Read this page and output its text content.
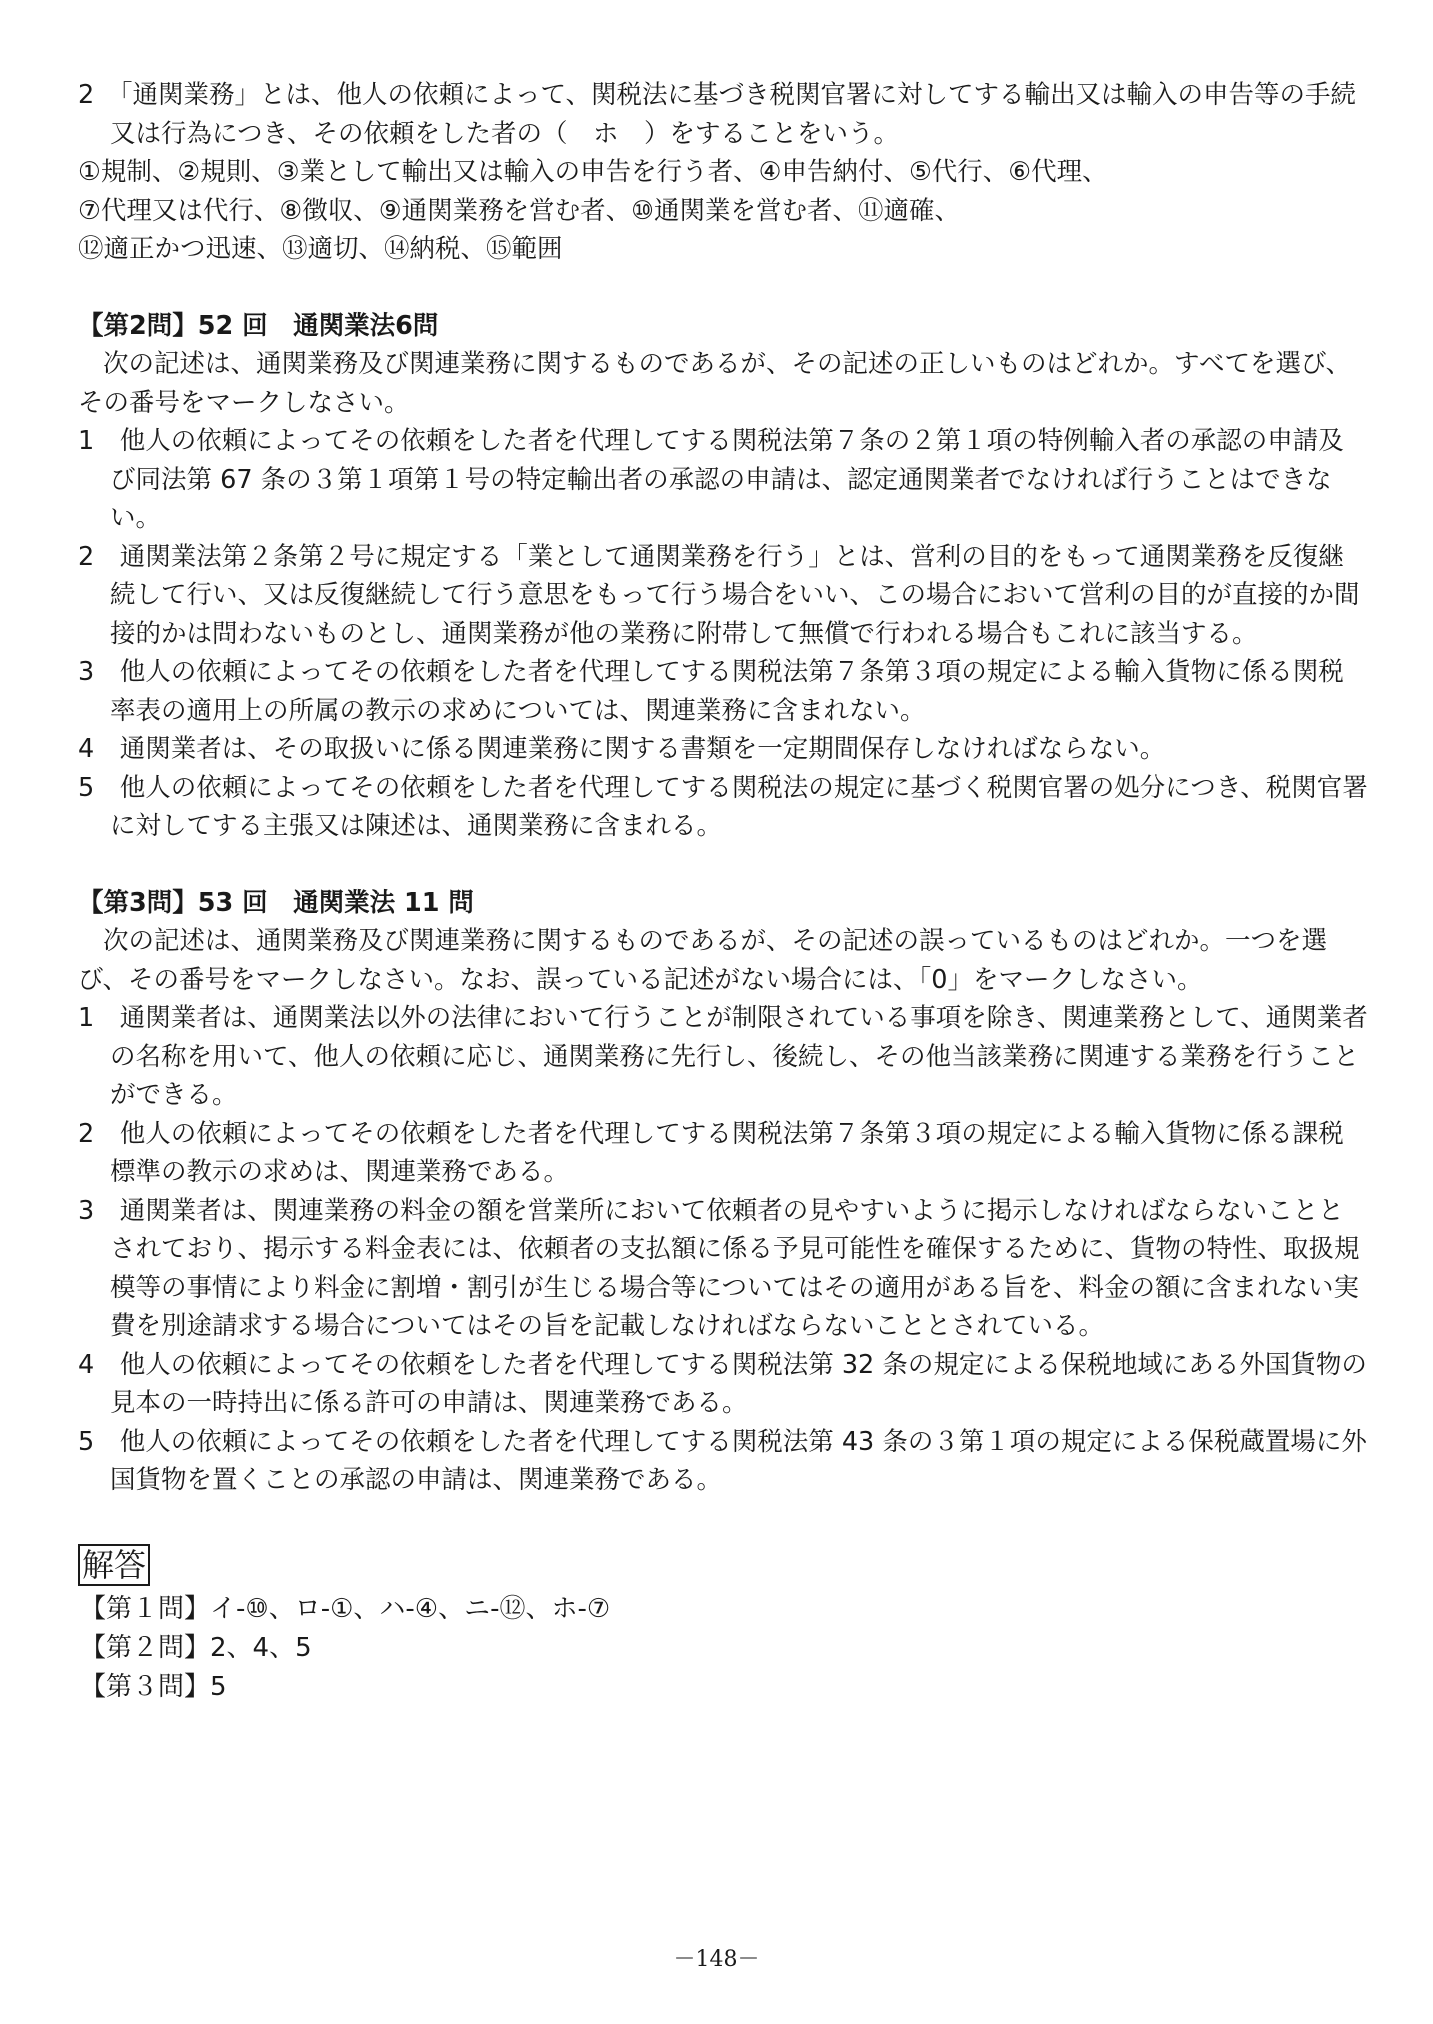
2　「通関業務」とは、他人の依頼によって、関税法に基づき税関官署に対してする輸出又は輸入の申告等の手続又は行為につき、その依頼をした者の（　ホ　）をすることをいう。
①規制、②規則、③業として輸出又は輸入の申告を行う者、④申告納付、⑤代行、⑥代理、
⑦代理又は代行、⑧徴収、⑨通関業務を営む者、⑩通関業を営む者、⑪適確、
⑫適正かつ迅速、⑬適切、⑭納税、⑮範囲
【第2問】52 回　通関業法6問
次の記述は、通関業務及び関連業務に関するものであるが、その記述の正しいものはどれか。すべてを選び、その番号をマークしなさい。
1　他人の依頼によってその依頼をした者を代理してする関税法第７条の２第１項の特例輸入者の承認の申請及び同法第 67 条の３第１項第１号の特定輸出者の承認の申請は、認定通関業者でなければ行うことはできない。
2　通関業法第２条第２号に規定する「業として通関業務を行う」とは、営利の目的をもって通関業務を反復継続して行い、又は反復継続して行う意思をもって行う場合をいい、この場合において営利の目的が直接的か間接的かは問わないものとし、通関業務が他の業務に附帯して無償で行われる場合もこれに該当する。
3　他人の依頼によってその依頼をした者を代理してする関税法第７条第３項の規定による輸入貨物に係る関税率表の適用上の所属の教示の求めについては、関連業務に含まれない。
4　通関業者は、その取扱いに係る関連業務に関する書類を一定期間保存しなければならない。
5　他人の依頼によってその依頼をした者を代理してする関税法の規定に基づく税関官署の処分につき、税関官署に対してする主張又は陳述は、通関業務に含まれる。
【第3問】53 回　通関業法 11 問
次の記述は、通関業務及び関連業務に関するものであるが、その記述の誤っているものはどれか。一つを選び、その番号をマークしなさい。なお、誤っている記述がない場合には、「0」をマークしなさい。
1　通関業者は、通関業法以外の法律において行うことが制限されている事項を除き、関連業務として、通関業者の名称を用いて、他人の依頼に応じ、通関業務に先行し、後続し、その他当該業務に関連する業務を行うことができる。
2　他人の依頼によってその依頼をした者を代理してする関税法第７条第３項の規定による輸入貨物に係る課税標準の教示の求めは、関連業務である。
3　通関業者は、関連業務の料金の額を営業所において依頼者の見やすいように掲示しなければならないこととされており、掲示する料金表には、依頼者の支払額に係る予見可能性を確保するために、貨物の特性、取扱規模等の事情により料金に割増・割引が生じる場合等についてはその適用がある旨を、料金の額に含まれない実費を別途請求する場合についてはその旨を記載しなければならないこととされている。
4　他人の依頼によってその依頼をした者を代理してする関税法第 32 条の規定による保税地域にある外国貨物の見本の一時持出に係る許可の申請は、関連業務である。
5　他人の依頼によってその依頼をした者を代理してする関税法第 43 条の３第１項の規定による保税蔵置場に外国貨物を置くことの承認の申請は、関連業務である。
解答
【第１問】イ-⑩、ロ-①、ハ-④、ニ-⑫、ホ-⑦
【第２問】2、4、5
【第３問】5
－148－
